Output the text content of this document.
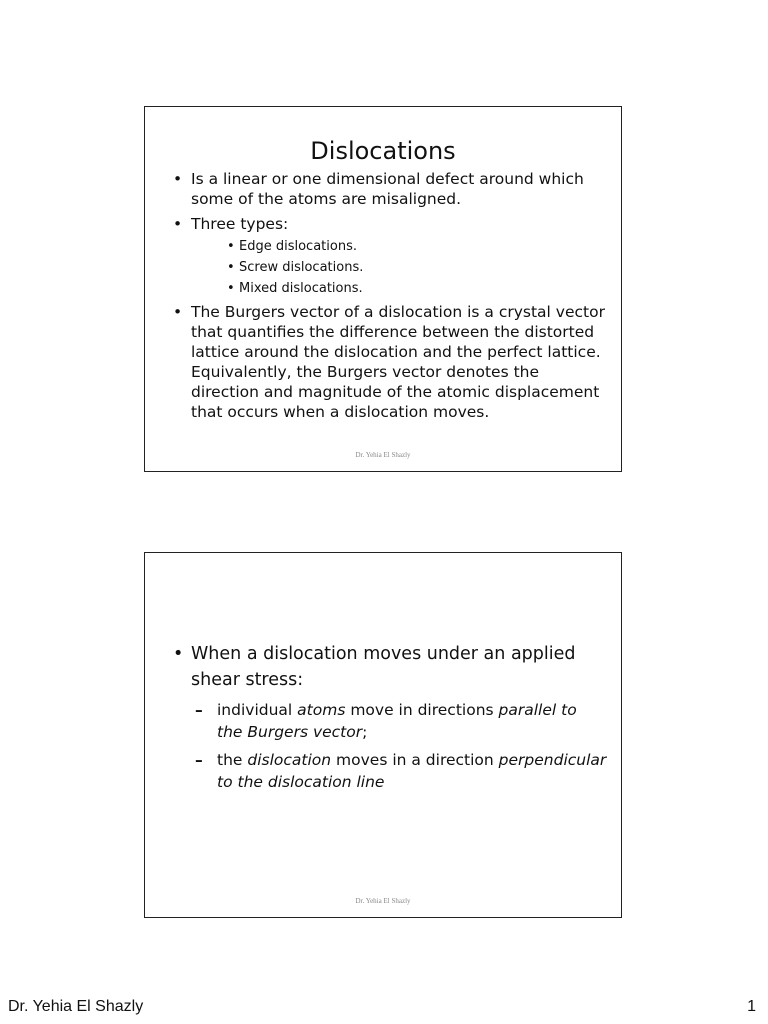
Dislocations
• Is a linear or one dimensional defect around which some of the atoms are misaligned.
• Three types:
• Edge dislocations.
• Screw dislocations.
• Mixed dislocations.
• The Burgers vector of a dislocation is a crystal vector that quantifies the difference between the distorted lattice around the dislocation and the perfect lattice. Equivalently, the Burgers vector denotes the direction and magnitude of the atomic displacement that occurs when a dislocation moves.
Dr. Yehia El Shazly
• When a dislocation moves under an applied shear stress:
– individual atoms move in directions parallel to the Burgers vector;
– the dislocation moves in a direction perpendicular to the dislocation line
Dr. Yehia El Shazly
Dr. Yehia El Shazly	1
